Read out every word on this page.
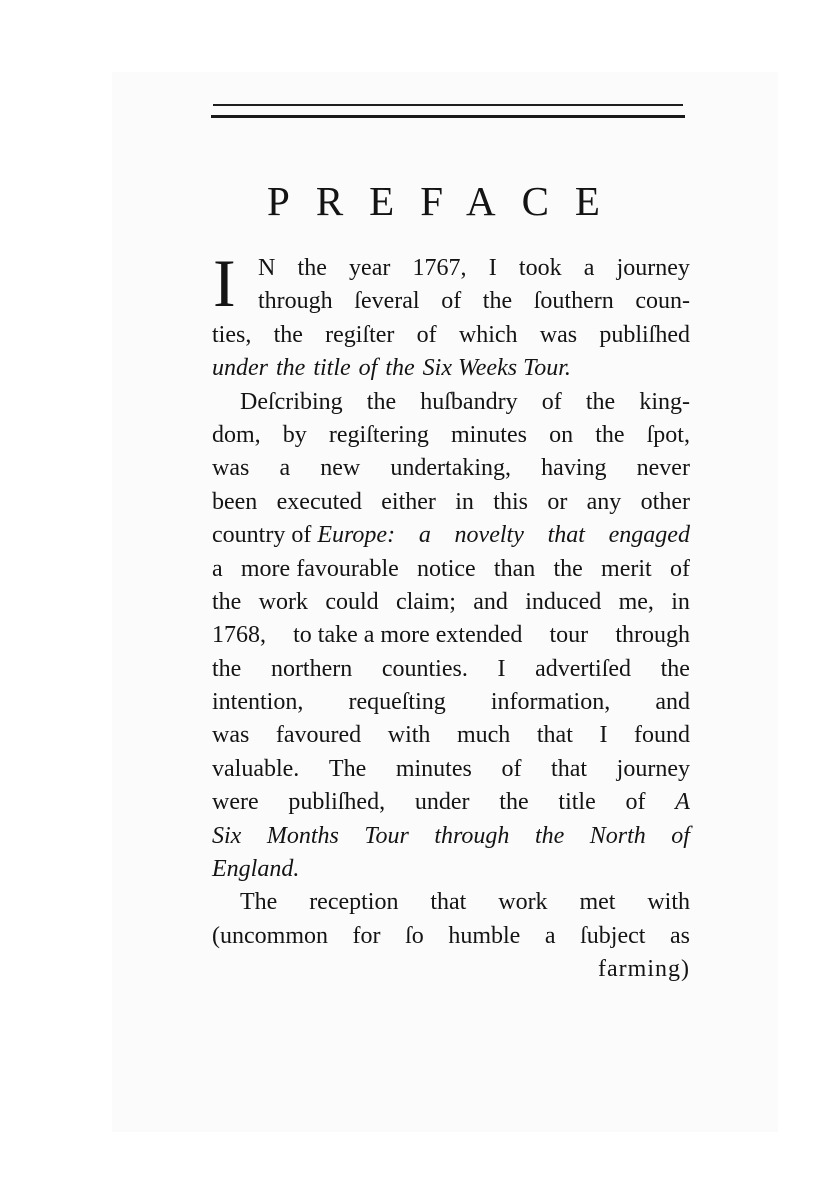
PREFACE
I N the year 1767, I took a journey
through ſeveral of the ſouthern coun-
ties, the regiſter of which was publiſhed
under the title of the Six Weeks Tour.
Deſcribing the huſbandry of the king-
dom, by regiſtering minutes on the ſpot,
was a new undertaking, having never
been executed either in this or any other
country of Europe: a novelty that engaged
a more favourable notice than the merit of
the work could claim; and induced me, in
1768, to take a more extended tour through
the northern counties. I advertiſed the
intention, requeſting information, and
was favoured with much that I found
valuable. The minutes of that journey
were publiſhed, under the title of A
Six Months Tour through the North of
England.
The reception that work met with
(uncommon for ſo humble a ſubject as
farming)
